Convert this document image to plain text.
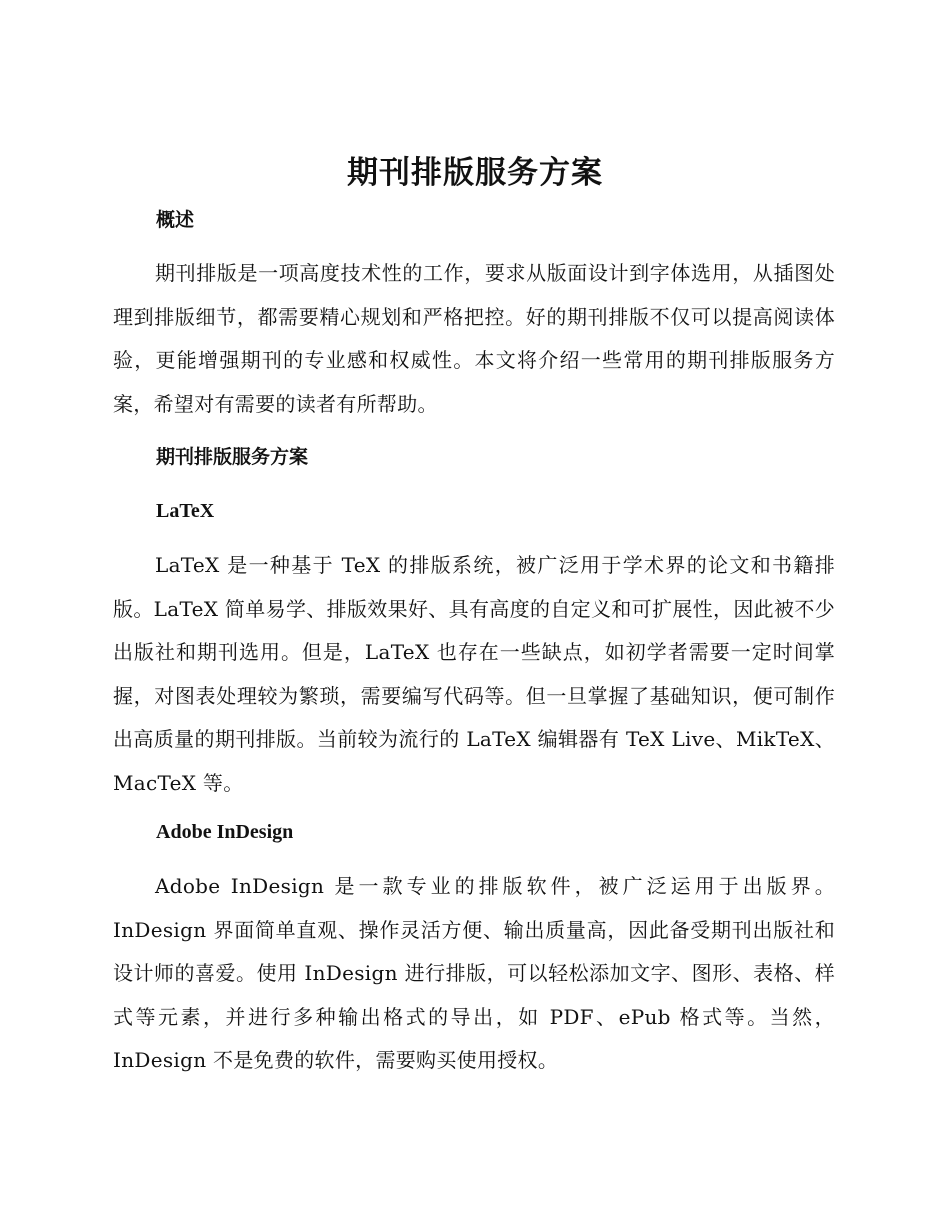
期刊排版服务方案
概述

期刊排版是一项高度技术性的工作，要求从版面设计到字体选用，从插图处理到排版细节，都需要精心规划和严格把控。好的期刊排版不仅可以提高阅读体验，更能增强期刊的专业感和权威性。本文将介绍一些常用的期刊排版服务方案，希望对有需要的读者有所帮助。

期刊排版服务方案
LaTeX

LaTeX 是一种基于 TeX 的排版系统，被广泛用于学术界的论文和书籍排版。LaTeX 简单易学、排版效果好、具有高度的自定义和可扩展性，因此被不少出版社和期刊选用。但是，LaTeX 也存在一些缺点，如初学者需要一定时间掌握，对图表处理较为繁琐，需要编写代码等。但一旦掌握了基础知识，便可制作出高质量的期刊排版。当前较为流行的 LaTeX 编辑器有 TeX Live、MikTeX、MacTeX 等。

Adobe InDesign

Adobe InDesign 是一款专业的排版软件，被广泛运用于出版界。InDesign 界面简单直观、操作灵活方便、输出质量高，因此备受期刊出版社和设计师的喜爱。使用 InDesign 进行排版，可以轻松添加文字、图形、表格、样式等元素，并进行多种输出格式的导出，如 PDF、ePub 格式等。当然，InDesign 不是免费的软件，需要购买使用授权。
